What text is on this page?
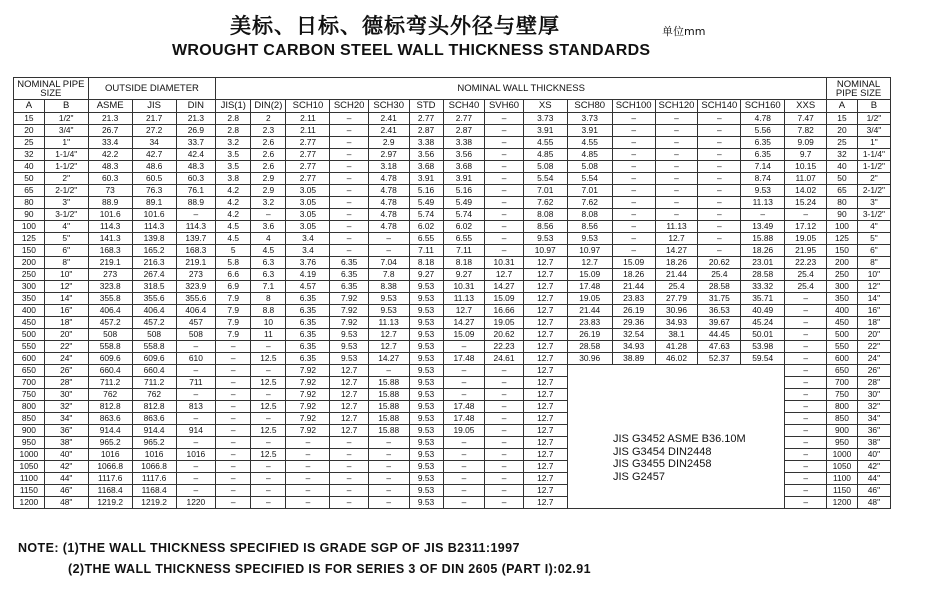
美标、日标、德标弯头外径与壁厚	单位mm
WROUGHT CARBON STEEL WALL THICKNESS STANDARDS
NOMINAL PIPE SIZE		OUTSIDE DIAMETER			NOMINAL WALL THICKNESS															NOMINAL PIPE SIZE	
A	B	ASME	JIS	DIN	JIS(1)	DIN(2)	SCH10	SCH20	SCH30	STD	SCH40	SVH60	XS	SCH80	SCH100	SCH120	SCH140	SCH160	XXS	A	B
15	1/2"	21.3	21.7	21.3	2.8	2	2.11	–	2.41	2.77	2.77	–	3.73	3.73	–	–	–	4.78	7.47	15	1/2"
20	3/4"	26.7	27.2	26.9	2.8	2.3	2.11	–	2.41	2.87	2.87	–	3.91	3.91	–	–	–	5.56	7.82	20	3/4"
25	1"	33.4	34	33.7	3.2	2.6	2.77	–	2.9	3.38	3.38	–	4.55	4.55	–	–	–	6.35	9.09	25	1"
32	1-1/4"	42.2	42.7	42.4	3.5	2.6	2.77	–	2.97	3.56	3.56	–	4.85	4.85	–	–	–	6.35	9.7	32	1-1/4"
40	1-1/2"	48.3	48.6	48.3	3.5	2.6	2.77	–	3.18	3.68	3.68	–	5.08	5.08	–	–	–	7.14	10.15	40	1-1/2"
50	2"	60.3	60.5	60.3	3.8	2.9	2.77	–	4.78	3.91	3.91	–	5.54	5.54	–	–	–	8.74	11.07	50	2"
65	2-1/2"	73	76.3	76.1	4.2	2.9	3.05	–	4.78	5.16	5.16	–	7.01	7.01	–	–	–	9.53	14.02	65	2-1/2"
80	3"	88.9	89.1	88.9	4.2	3.2	3.05	–	4.78	5.49	5.49	–	7.62	7.62	–	–	–	11.13	15.24	80	3"
90	3-1/2"	101.6	101.6	–	4.2	–	3.05	–	4.78	5.74	5.74	–	8.08	8.08	–	–	–	–	–	90	3-1/2"
100	4"	114.3	114.3	114.3	4.5	3.6	3.05	–	4.78	6.02	6.02	–	8.56	8.56	–	11.13	–	13.49	17.12	100	4"
125	5"	141.3	139.8	139.7	4.5	4	3.4	–	–	6.55	6.55	–	9.53	9.53	–	12.7	–	15.88	19.05	125	5"
150	6"	168.3	165.2	168.3	5	4.5	3.4	–	–	7.11	7.11	–	10.97	10.97	–	14.27	–	18.26	21.95	150	6"
200	8"	219.1	216.3	219.1	5.8	6.3	3.76	6.35	7.04	8.18	8.18	10.31	12.7	12.7	15.09	18.26	20.62	23.01	22.23	200	8"
250	10"	273	267.4	273	6.6	6.3	4.19	6.35	7.8	9.27	9.27	12.7	12.7	15.09	18.26	21.44	25.4	28.58	25.4	250	10"
300	12"	323.8	318.5	323.9	6.9	7.1	4.57	6.35	8.38	9.53	10.31	14.27	12.7	17.48	21.44	25.4	28.58	33.32	25.4	300	12"
350	14"	355.8	355.6	355.6	7.9	8	6.35	7.92	9.53	9.53	11.13	15.09	12.7	19.05	23.83	27.79	31.75	35.71	–	350	14"
400	16"	406.4	406.4	406.4	7.9	8.8	6.35	7.92	9.53	9.53	12.7	16.66	12.7	21.44	26.19	30.96	36.53	40.49	–	400	16"
450	18"	457.2	457.2	457	7.9	10	6.35	7.92	11.13	9.53	14.27	19.05	12.7	23.83	29.36	34.93	39.67	45.24	–	450	18"
500	20"	508	508	508	7.9	11	6.35	9.53	12.7	9.53	15.09	20.62	12.7	26.19	32.54	38.1	44.45	50.01	–	500	20"
550	22"	558.8	558.8	–	–	–	6.35	9.53	12.7	9.53	–	22.23	12.7	28.58	34.93	41.28	47.63	53.98	–	550	22"
600	24"	609.6	609.6	610	–	12.5	6.35	9.53	14.27	9.53	17.48	24.61	12.7	30.96	38.89	46.02	52.37	59.54	–	600	24"
650	26"	660.4	660.4	–	–	–	7.92	12.7	–	9.53	–	–	12.7						–	650	26"
700	28"	711.2	711.2	711	–	12.5	7.92	12.7	15.88	9.53	–	–	12.7						–	700	28"
750	30"	762	762	–	–	–	7.92	12.7	15.88	9.53	–	–	12.7						–	750	30"
800	32"	812.8	812.8	813	–	12.5	7.92	12.7	15.88	9.53	17.48	–	12.7						–	800	32"
850	34"	863.6	863.6	–	–	–	7.92	12.7	15.88	9.53	17.48	–	12.7						–	850	34"
900	36"	914.4	914.4	914	–	12.5	7.92	12.7	15.88	9.53	19.05	–	12.7						–	900	36"
950	38"	965.2	965.2	–	–	–	–	–	–	9.53	–	–	12.7						–	950	38"
1000	40"	1016	1016	1016	–	12.5	–	–	–	9.53	–	–	12.7						–	1000	40"
1050	42"	1066.8	1066.8	–	–	–	–	–	–	9.53	–	–	12.7						–	1050	42"
1100	44"	1117.6	1117.6	–	–	–	–	–	–	9.53	–	–	12.7						–	1100	44"
1150	46"	1168.4	1168.4	–	–	–	–	–	–	9.53	–	–	12.7						–	1150	46"
1200	48"	1219.2	1219.2	1220	–	–	–	–	–	9.53	–	–	12.7						–	1200	48"
JIS G3452 ASME B36.10M
JIS G3454 DIN2448
JIS G3455 DIN2458
JIS G2457
NOTE: (1)THE WALL THICKNESS SPECIFIED IS GRADE SGP OF JIS B2311:1997
(2)THE WALL THICKNESS SPECIFIED IS FOR SERIES 3 OF DIN 2605 (PART I):02.91
